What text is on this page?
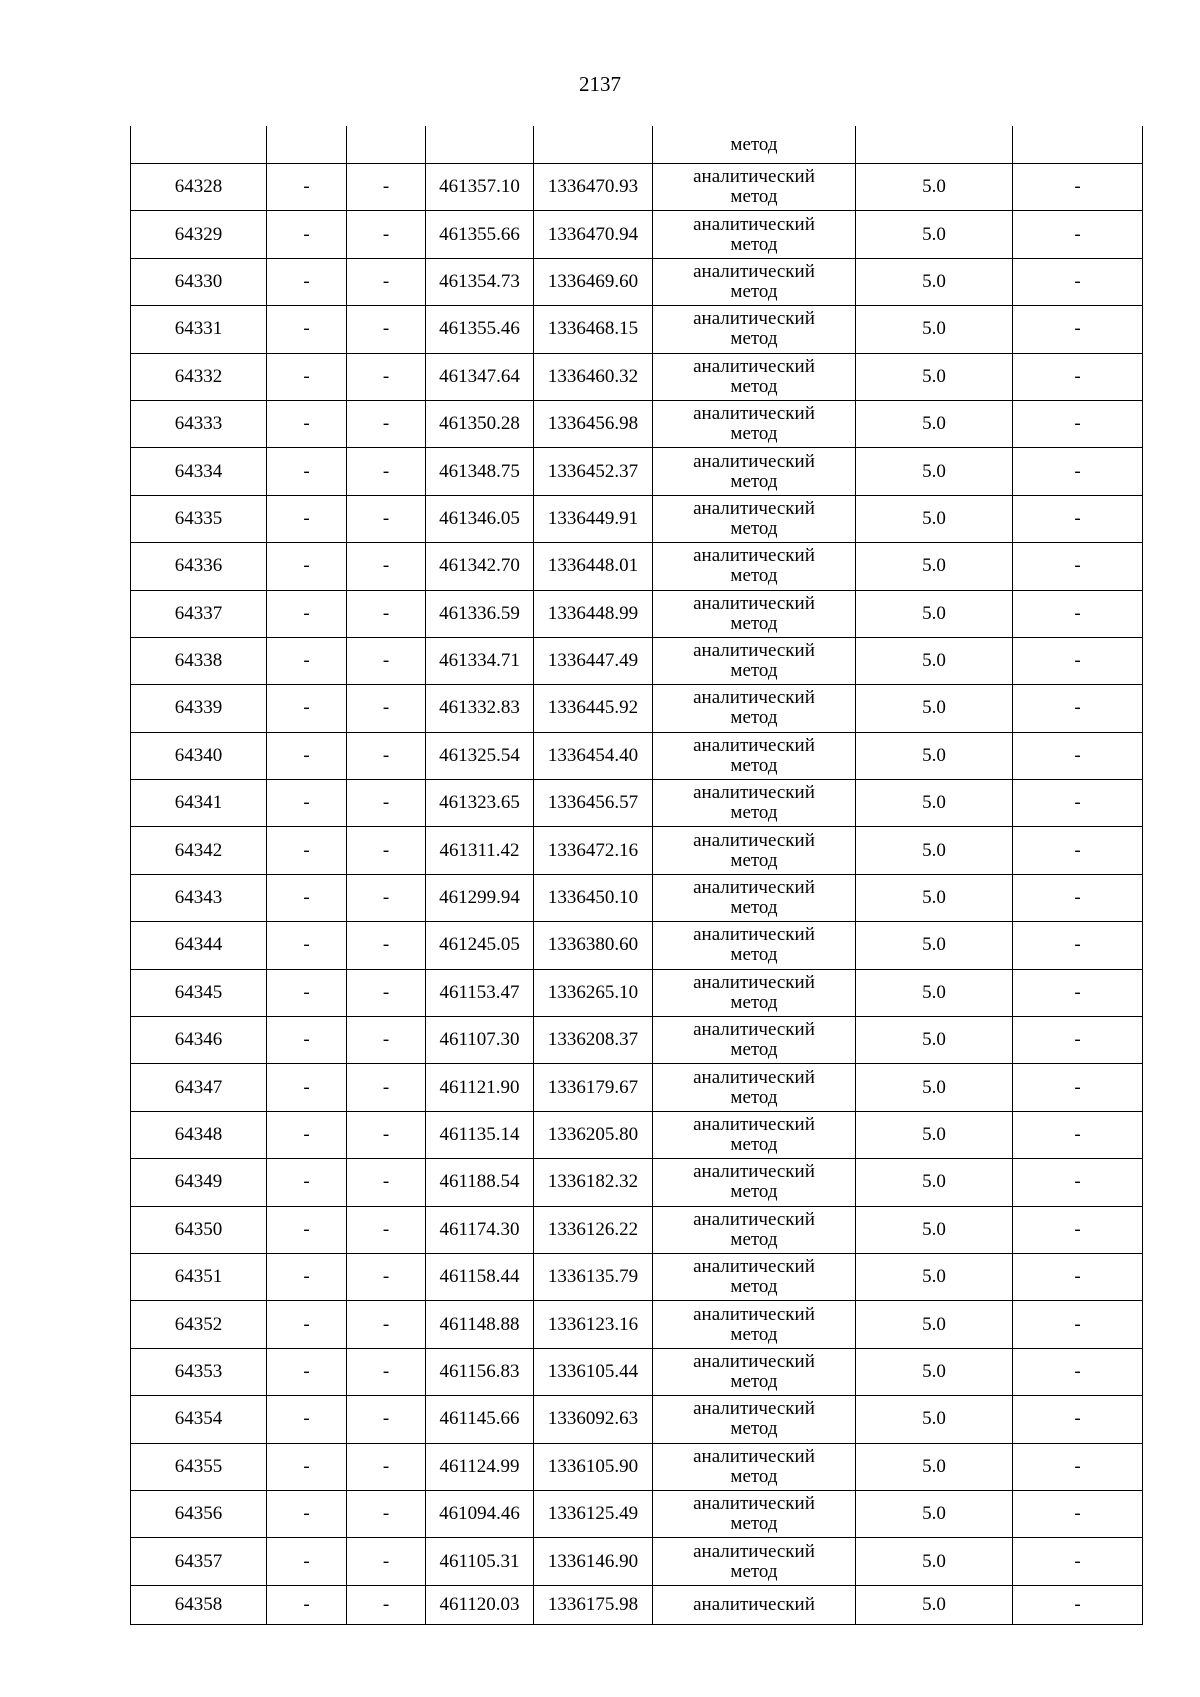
2137

					метод		

64328	-	-	461357.10	1336470.93	аналитический
метод	5.0	-
64329	-	-	461355.66	1336470.94	аналитический
метод	5.0	-
64330	-	-	461354.73	1336469.60	аналитический
метод	5.0	-
64331	-	-	461355.46	1336468.15	аналитический
метод	5.0	-
64332	-	-	461347.64	1336460.32	аналитический
метод	5.0	-
64333	-	-	461350.28	1336456.98	аналитический
метод	5.0	-
64334	-	-	461348.75	1336452.37	аналитический
метод	5.0	-
64335	-	-	461346.05	1336449.91	аналитический
метод	5.0	-
64336	-	-	461342.70	1336448.01	аналитический
метод	5.0	-
64337	-	-	461336.59	1336448.99	аналитический
метод	5.0	-
64338	-	-	461334.71	1336447.49	аналитический
метод	5.0	-
64339	-	-	461332.83	1336445.92	аналитический
метод	5.0	-
64340	-	-	461325.54	1336454.40	аналитический
метод	5.0	-
64341	-	-	461323.65	1336456.57	аналитический
метод	5.0	-
64342	-	-	461311.42	1336472.16	аналитический
метод	5.0	-
64343	-	-	461299.94	1336450.10	аналитический
метод	5.0	-
64344	-	-	461245.05	1336380.60	аналитический
метод	5.0	-
64345	-	-	461153.47	1336265.10	аналитический
метод	5.0	-
64346	-	-	461107.30	1336208.37	аналитический
метод	5.0	-
64347	-	-	461121.90	1336179.67	аналитический
метод	5.0	-
64348	-	-	461135.14	1336205.80	аналитический
метод	5.0	-
64349	-	-	461188.54	1336182.32	аналитический
метод	5.0	-
64350	-	-	461174.30	1336126.22	аналитический
метод	5.0	-
64351	-	-	461158.44	1336135.79	аналитический
метод	5.0	-
64352	-	-	461148.88	1336123.16	аналитический
метод	5.0	-
64353	-	-	461156.83	1336105.44	аналитический
метод	5.0	-
64354	-	-	461145.66	1336092.63	аналитический
метод	5.0	-
64355	-	-	461124.99	1336105.90	аналитический
метод	5.0	-
64356	-	-	461094.46	1336125.49	аналитический
метод	5.0	-
64357	-	-	461105.31	1336146.90	аналитический
метод	5.0	-
64358	-	-	461120.03	1336175.98	аналитический	5.0	-
